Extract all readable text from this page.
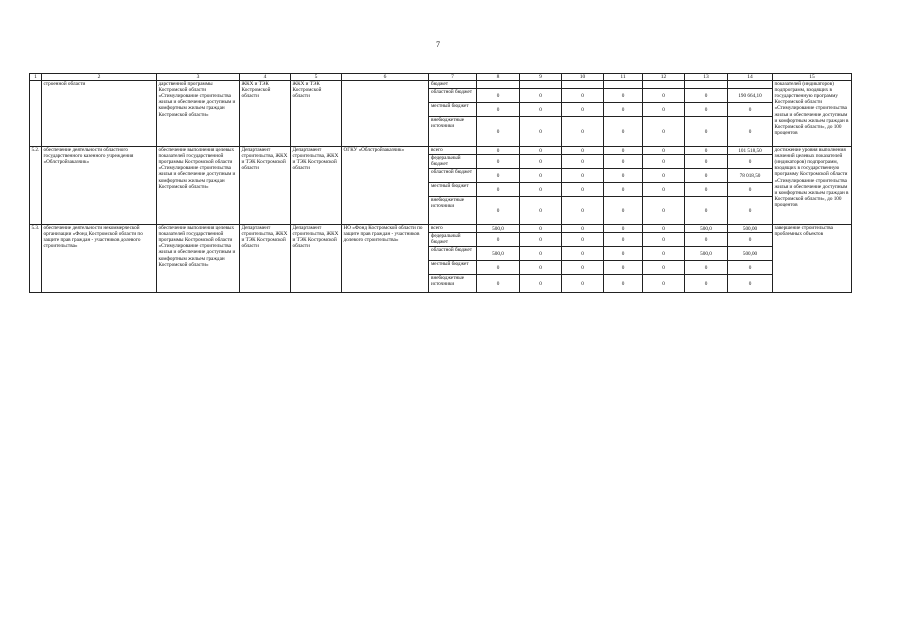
7
1	2	3	4	5	6	7	8	9	10	11	12	13	14	15
	строенной области	дарственной программы Костромской области «Стимулирование строительства жилья и обеспечение доступным и комфортным жильем граждан Костромской области»	ЖКХ и ТЭК Костромской области	ЖКХ и ТЭК Костромской области		бюджет								показателей (индикаторов) подпрограмм, входящих в государственную программу Костромской области «Стимулирование строительства жилья и обеспечение доступным и комфортным жильем граждан в Костромской области», до 100 процентов
						областной бюджет	0	0	0	0	0	0	190 664,10	
						местный бюджет	0	0	0	0	0	0	0	
						внебюджетные источники	0	0	0	0	0	0	0	
5.2.	обеспечение деятельности областного государственного казенного учреждения «Облстройзаказчик»	обеспечение выполнения целевых показателей государственной программы Костромской области «Стимулирование строительства жилья и обеспечение доступным и комфортным жильем граждан Костромской области»	Департамент строительства, ЖКХ и ТЭК Костромской области	Департамент строительства, ЖКХ и ТЭК Костромской области	ОГКУ «Облстройзаказчик»	всего	0	0	0	0	0	0	101 518,50	достижение уровня выполнения значений целевых показателей (индикаторов) подпрограмм, входящих в государственную программу Костромской области «Стимулирование строительства жилья и обеспечение доступным и комфортным жильем граждан в Костромской области», до 100 процентов
						федеральный бюджет	0	0	0	0	0	0	0	
						областной бюджет	0	0	0	0	0	0	78 018,50	
						местный бюджет	0	0	0	0	0	0	0	
						внебюджетные источники	0	0	0	0	0	0	0	
5.3.	обеспечение деятельности некоммерческой организации «Фонд Костромской области по защите прав граждан - участников долевого строительства»	обеспечение выполнения целевых показателей государственной программы Костромской области «Стимулирование строительства жилья и обеспечение доступным и комфортным жильем граждан Костромской области»	Департамент строительства, ЖКХ и ТЭК Костромской области	Департамент строительства, ЖКХ и ТЭК Костромской области	НО «Фонд Костромской области по защите прав граждан - участников долевого строительства»	всего	500,0	0	0	0	0	500,0	500,00	завершение строительства проблемных объектов
						федеральный бюджет	0	0	0	0	0	0	0	
						областной бюджет	500,0	0	0	0	0	500,0	500,00	
						местный бюджет	0	0	0	0	0	0	0	
						внебюджетные источники	0	0	0	0	0	0	0	
